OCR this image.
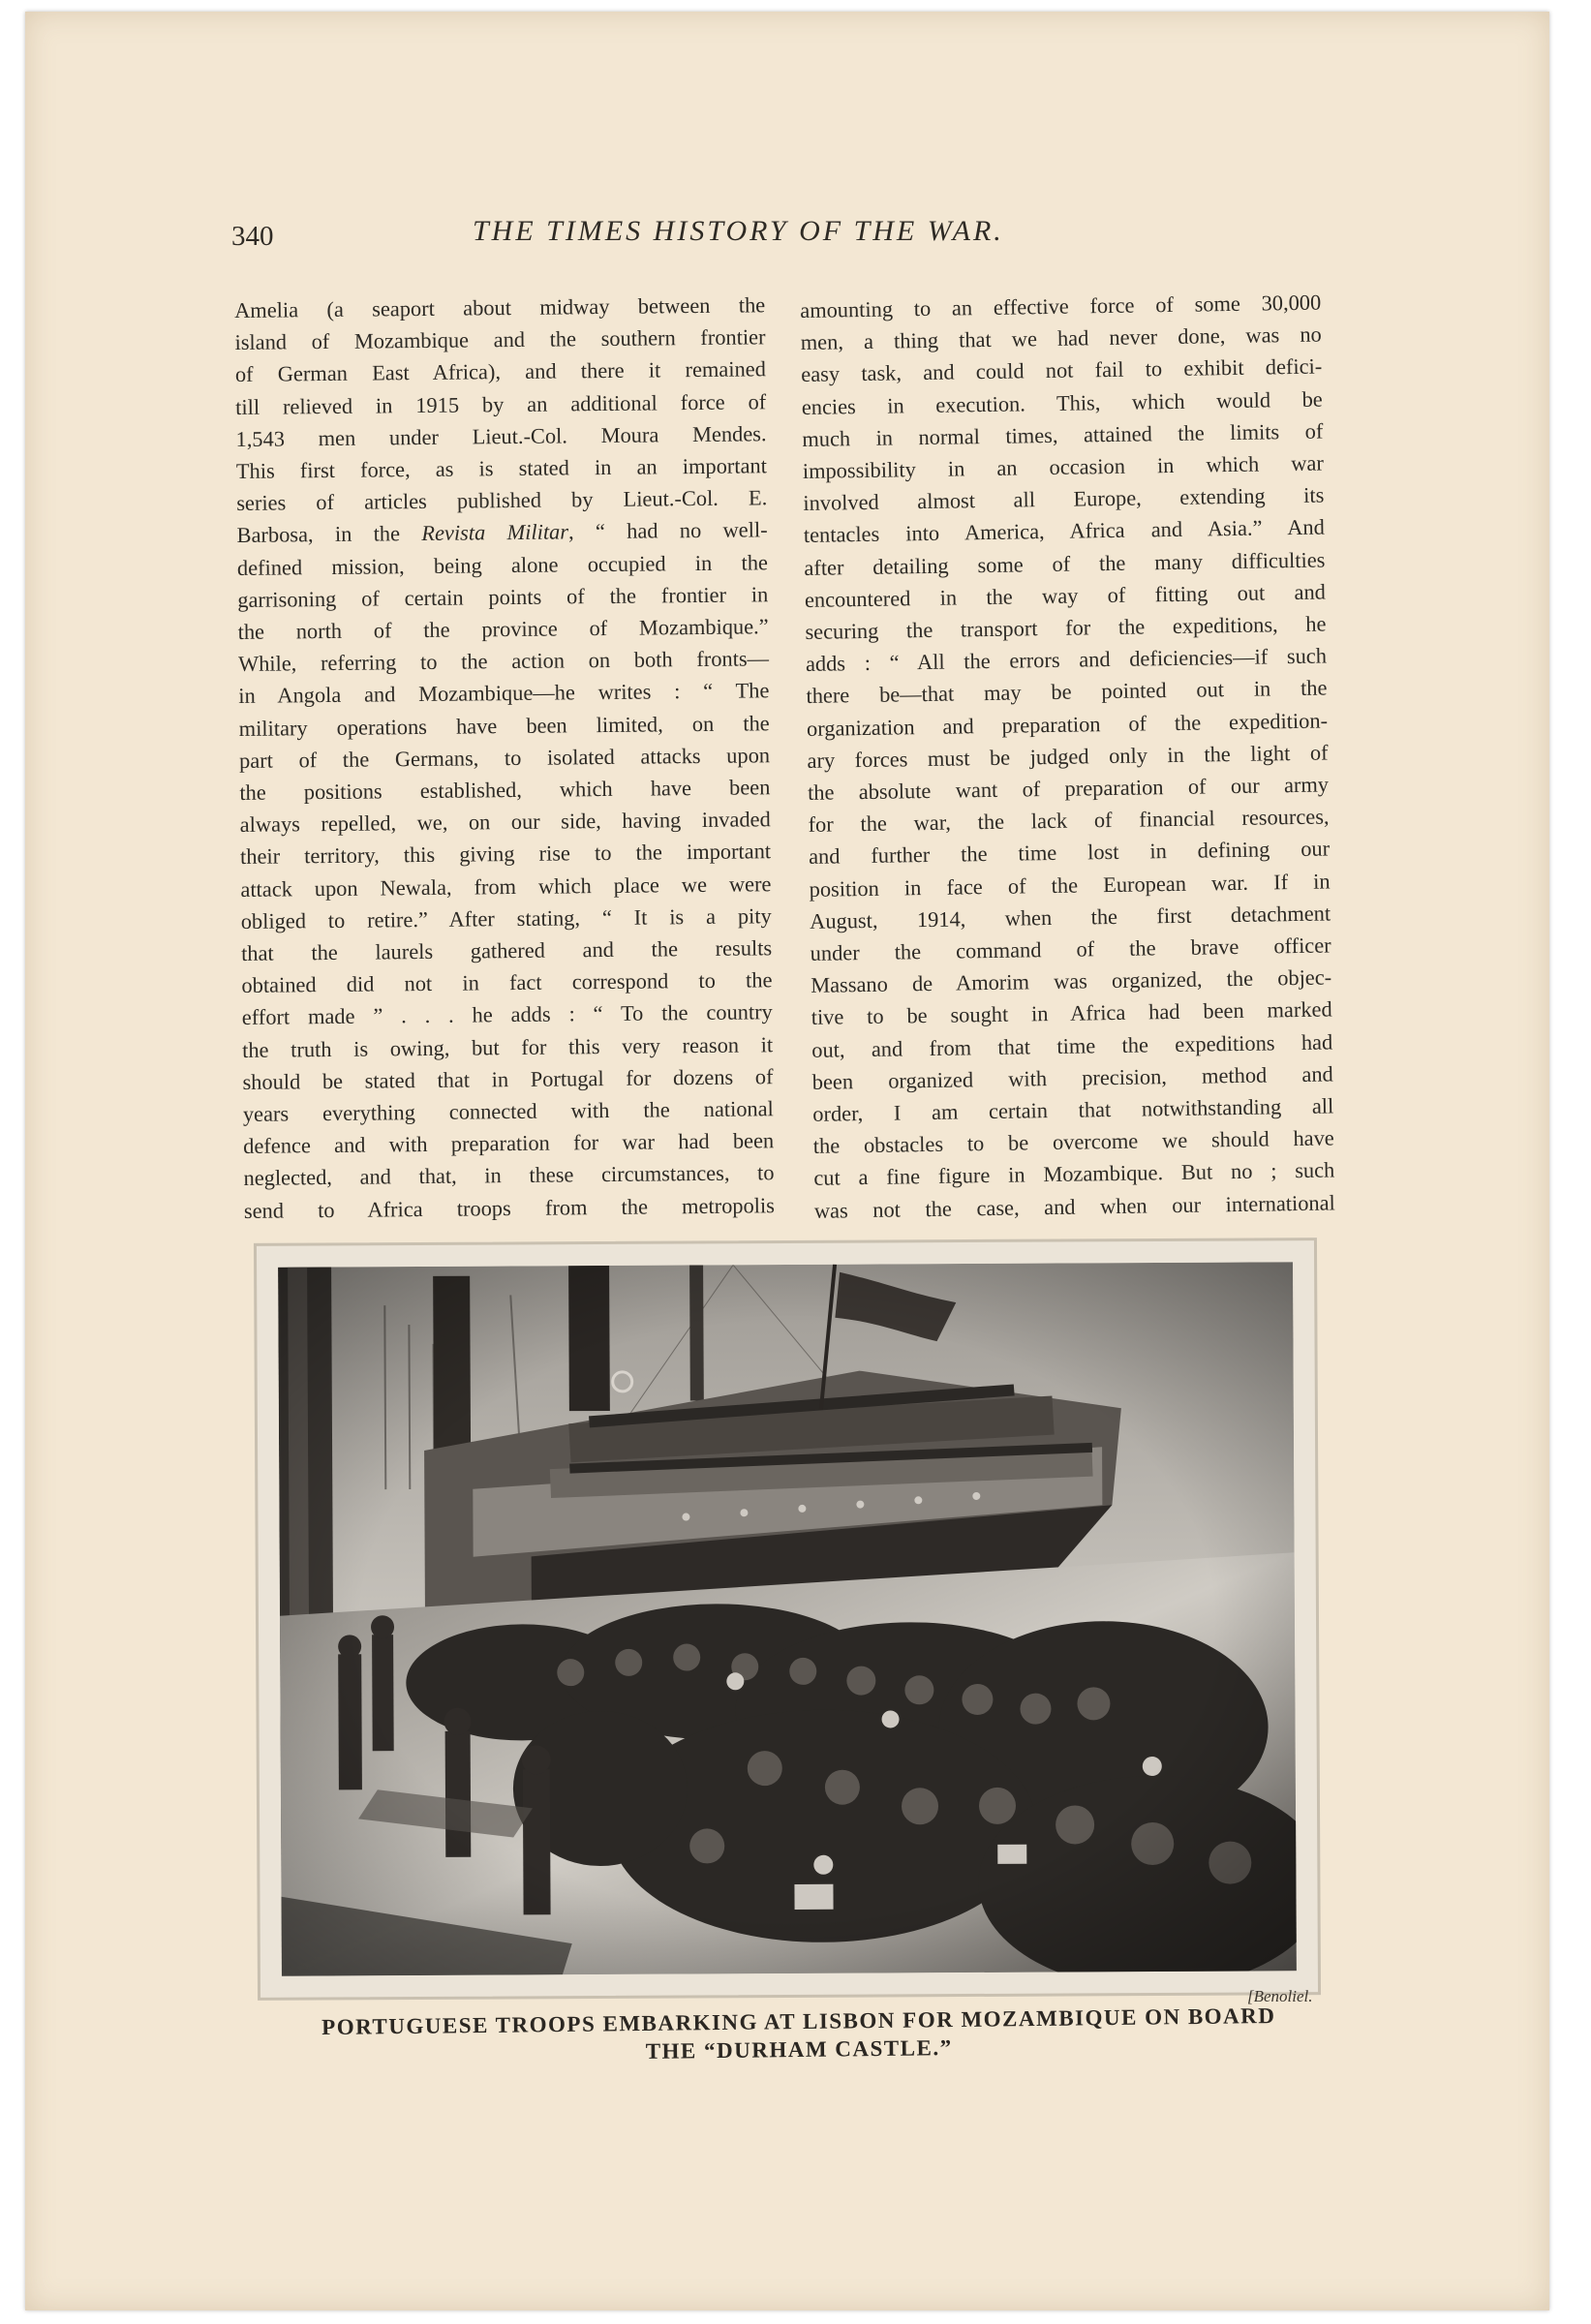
340	THE TIMES HISTORY OF THE WAR.

Amelia (a seaport about midway between the

island of Mozambique and the southern frontier

of German East Africa), and there it remained

till relieved in 1915 by an additional force of

1,543 men under Lieut.-Col. Moura Mendes.

This first force, as is stated in an important

series of articles published by Lieut.-Col. E.

Barbosa, in the Revista Militar, “ had no well-

defined mission, being alone occupied in the

garrisoning of certain points of the frontier in

the north of the province of Mozambique.”

While, referring to the action on both fronts—

in Angola and Mozambique—he writes : “ The

military operations have been limited, on the

part of the Germans, to isolated attacks upon

the positions established, which have been

always repelled, we, on our side, having invaded

their territory, this giving rise to the important

attack upon Newala, from which place we were

obliged to retire.” After stating, “ It is a pity

that the laurels gathered and the results

obtained did not in fact correspond to the

effort made ” . . . he adds : “ To the country

the truth is owing, but for this very reason it

should be stated that in Portugal for dozens of

years everything connected with the national

defence and with preparation for war had been

neglected, and that, in these circumstances, to

send to Africa troops from the metropolis

amounting to an effective force of some 30,000

men, a thing that we had never done, was no

easy task, and could not fail to exhibit defici-

encies in execution. This, which would be

much in normal times, attained the limits of

impossibility in an occasion in which war

involved almost all Europe, extending its

tentacles into America, Africa and Asia.” And

after detailing some of the many difficulties

encountered in the way of fitting out and

securing the transport for the expeditions, he

adds : “ All the errors and deficiencies—if such

there be—that may be pointed out in the

organization and preparation of the expedition-

ary forces must be judged only in the light of

the absolute want of preparation of our army

for the war, the lack of financial resources,

and further the time lost in defining our

position in face of the European war. If in

August, 1914, when the first detachment

under the command of the brave officer

Massano de Amorim was organized, the objec-

tive to be sought in Africa had been marked

out, and from that time the expeditions had

been organized with precision, method and

order, I am certain that notwithstanding all

the obstacles to be overcome we should have

cut a fine figure in Mozambique. But no ; such

was not the case, and when our international

[Benoliel.
PORTUGUESE TROOPS EMBARKING AT LISBON FOR MOZAMBIQUE ON BOARD
THE “DURHAM CASTLE.”
